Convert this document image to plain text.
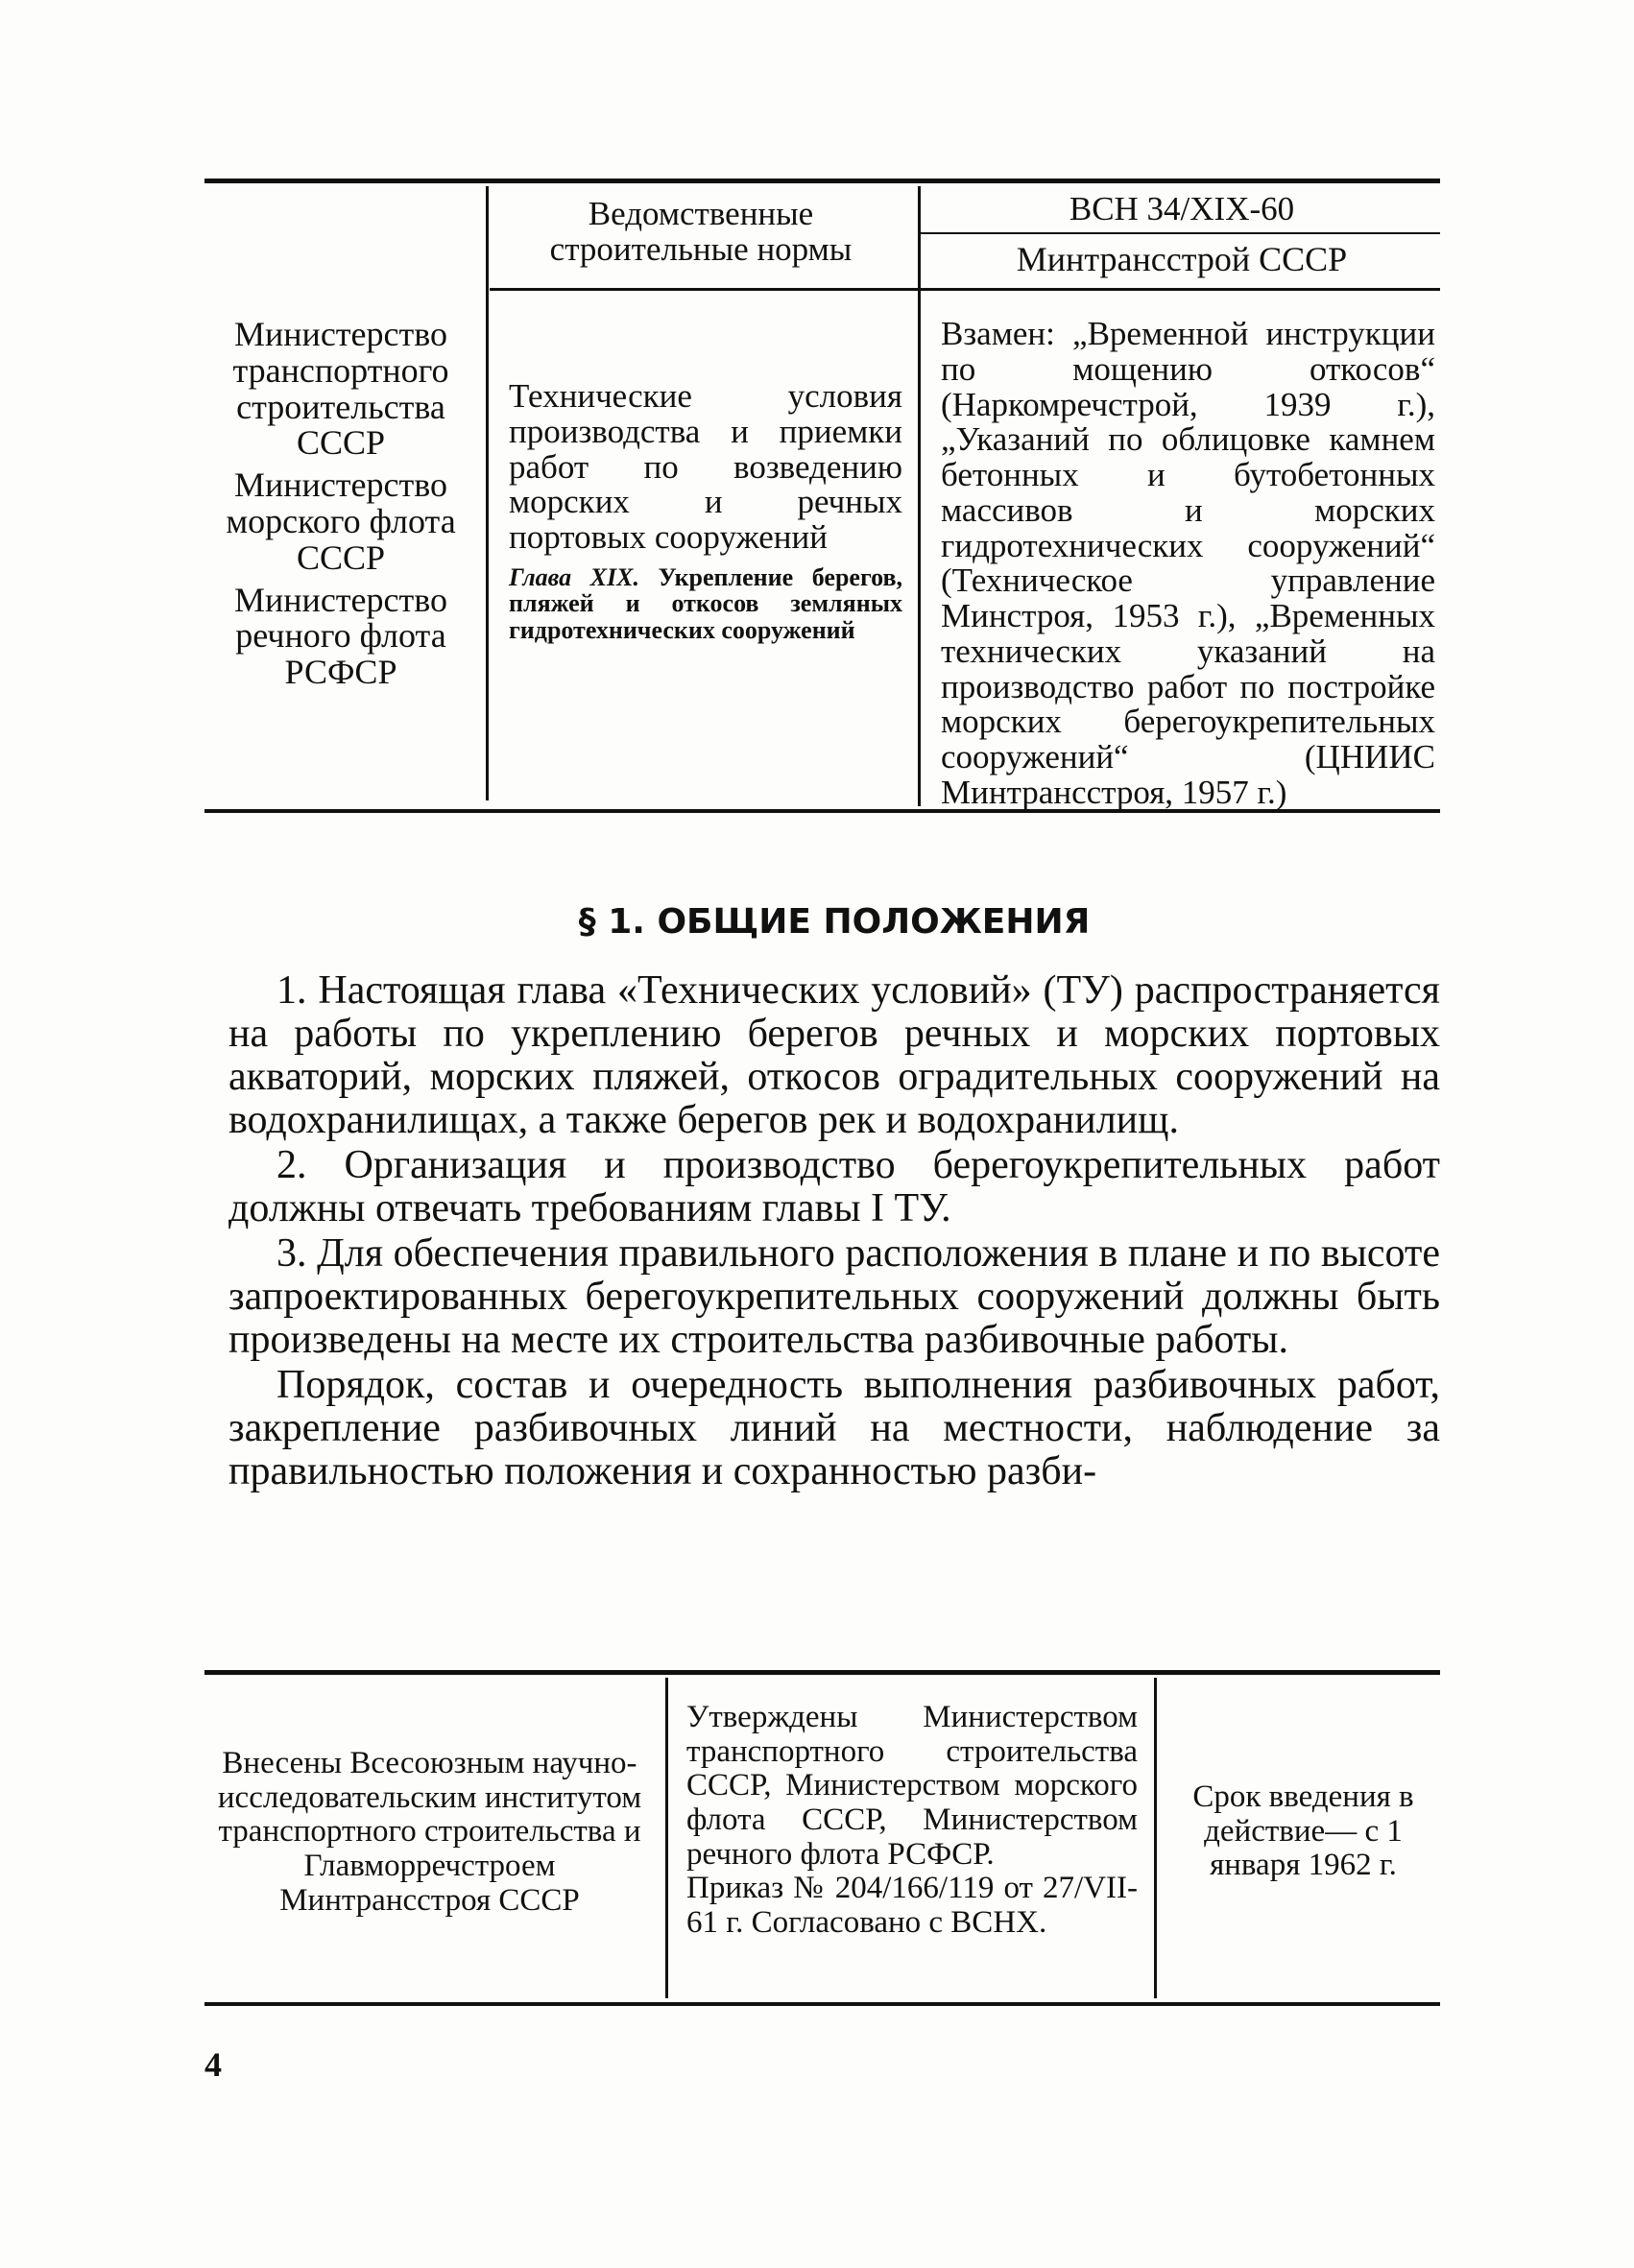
Министерство транспортного строительства СССР

Министерство морского флота СССР

Министерство речного флота РСФСР

Ведомственные строительные нормы
ВСН 34/XIX-60
Минтрансстрой СССР
Технические условия производства и приемки работ по возведению морских и речных портовых сооружений
Глава XIX. Укрепление берегов, пляжей и откосов земляных гидротехнических сооружений
Взамен: „Временной инструкции по мощению откосов“ (Наркомречстрой, 1939 г.), „Указаний по облицовке камнем бетонных и бутобетонных массивов и морских гидротехнических сооружений“ (Техническое управление Минстроя, 1953 г.), „Временных технических указаний на производство работ по постройке морских берегоукрепительных сооружений“ (ЦНИИС Минтрансстроя, 1957 г.)
§ 1. ОБЩИЕ ПОЛОЖЕНИЯ

1. Настоящая глава «Технических условий» (ТУ) распространяется на работы по укреплению берегов речных и морских портовых акваторий, морских пляжей, откосов оградительных сооружений на водохранилищах, а также берегов рек и водохранилищ.

2. Организация и производство берегоукрепительных работ должны отвечать требованиям главы I ТУ.

3. Для обеспечения правильного расположения в плане и по высоте запроектированных берегоукрепительных сооружений должны быть произведены на месте их строительства разбивочные работы.

Порядок, состав и очередность выполнения разбивочных работ, закрепление разбивочных линий на местности, наблюдение за правильностью положения и сохранностью разби-

Внесены Всесоюзным научно-исследовательским институтом транспортного строительства и Главморречстроем Минтрансстроя СССР
Утверждены Министерством транспортного строительства СССР, Министерством морского флота СССР, Министерством речного флота РСФСР.
Приказ № 204/166/119 от 27/VII-61 г. Согласовано с ВСНХ.
Срок введения в действие— с 1 января 1962 г.
4
